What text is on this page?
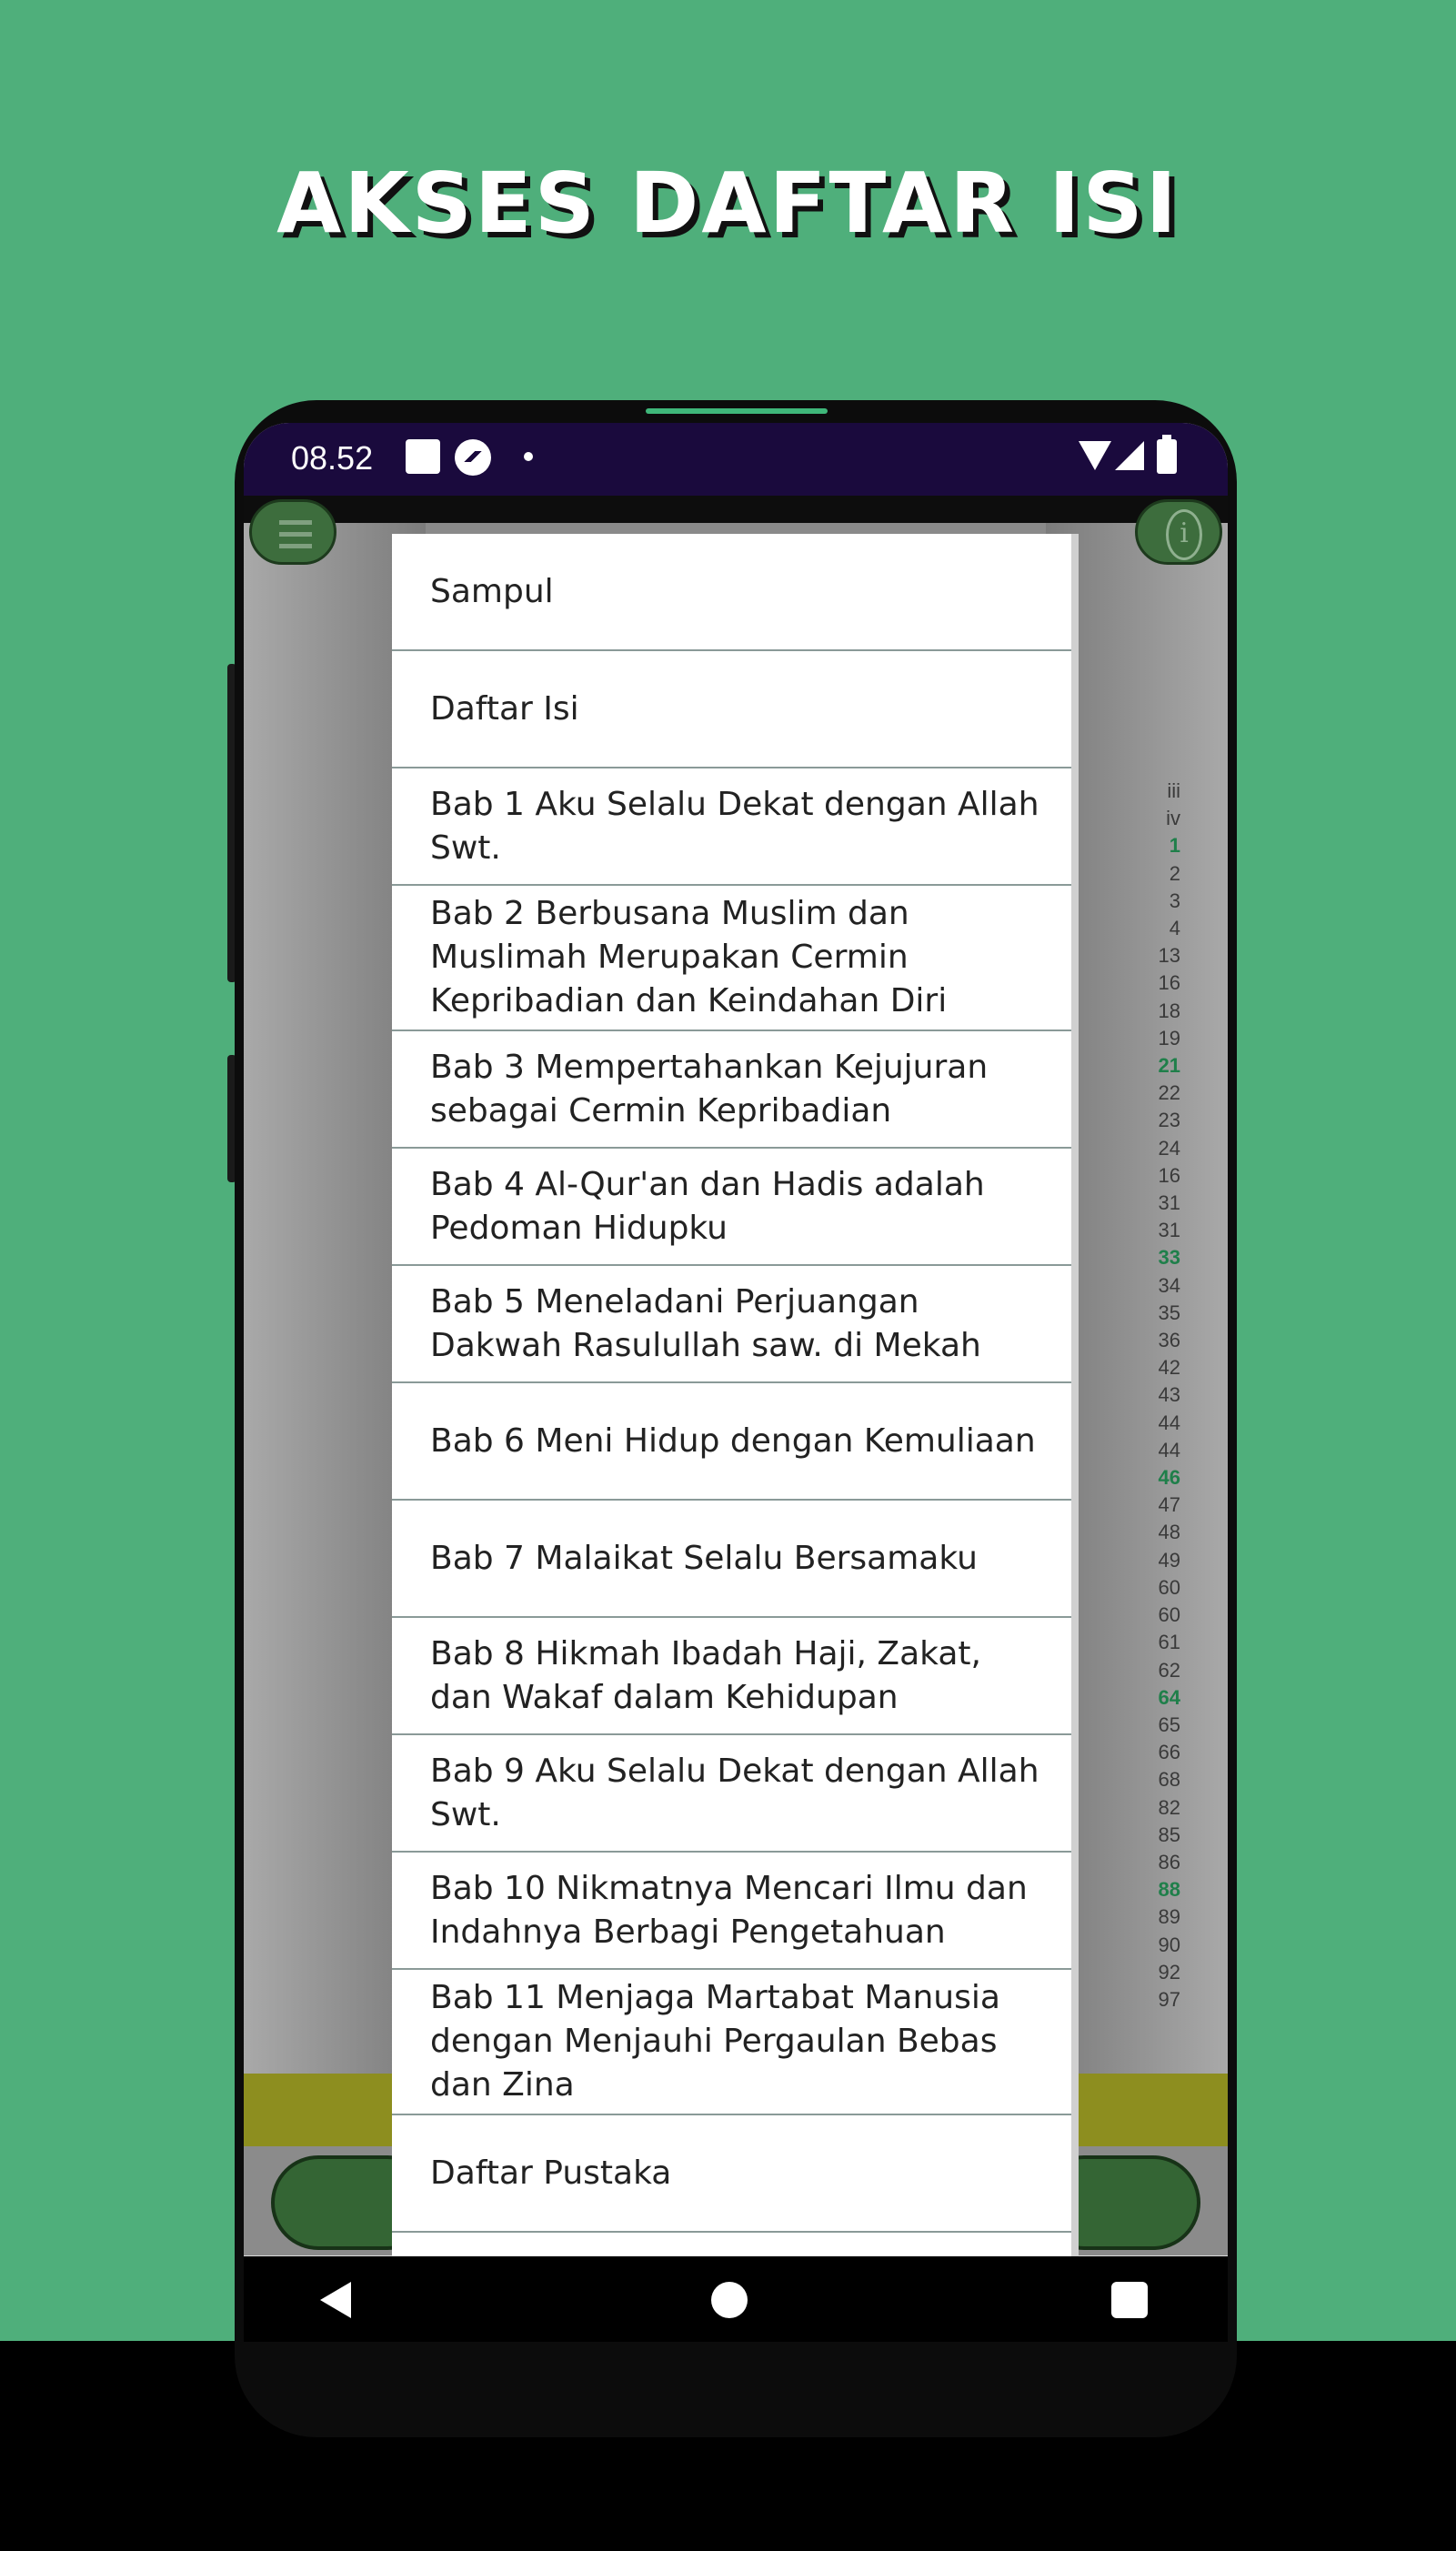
AKSES DAFTAR ISI
08.52
iii
iv
1
2
3
4
13
16
18
19
21
22
23
24
16
31
31
33
34
35
36
42
43
44
44
46
47
48
49
60
60
61
62
64
65
66
68
82
85
86
88
89
90
92
97
i
Sampul
Daftar Isi
Bab 1 Aku Selalu Dekat dengan Allah Swt.
Bab 2 Berbusana Muslim dan Muslimah Merupakan Cermin Kepribadian dan Keindahan Diri
Bab 3 Mempertahankan Kejujuran sebagai Cermin Kepribadian
Bab 4 Al-Qur'an dan Hadis adalah Pedoman Hidupku
Bab 5 Meneladani Perjuangan Dakwah Rasulullah saw. di Mekah
Bab 6 Meni Hidup dengan Kemuliaan
Bab 7 Malaikat Selalu Bersamaku
Bab 8 Hikmah Ibadah Haji, Zakat, dan Wakaf dalam Kehidupan
Bab 9 Aku Selalu Dekat dengan Allah Swt.
Bab 10 Nikmatnya Mencari Ilmu dan Indahnya Berbagi Pengetahuan
Bab 11 Menjaga Martabat Manusia dengan Menjauhi Pergaulan Bebas dan Zina
Daftar Pustaka
